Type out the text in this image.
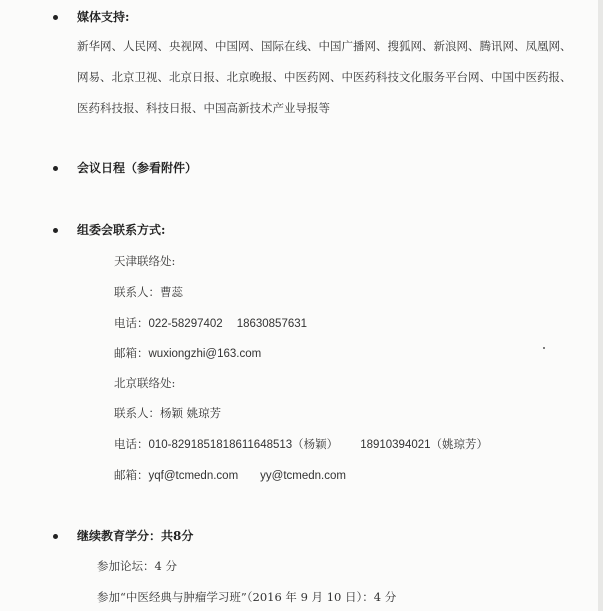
媒体支持:
新华网、人民网、央视网、中国网、国际在线、中国广播网、搜狐网、新浪网、腾讯网、凤凰网、
网易、北京卫视、北京日报、北京晚报、中医药网、中医药科技文化服务平台网、中国中医药报、
医药科技报、科技日报、中国高新技术产业导报等
会议日程（参看附件）
组委会联系方式:
天津联络处:
联系人：曹蕊
电话：022-58297402 18630857631
邮箱：wuxiongzhi@163.com
北京联络处:
联系人：杨颖 姚琼芳
电话：010-8291851818611648513（杨颖） 18910394021（姚琼芳）
邮箱：yqf@tcmedn.com yy@tcmedn.com
继续教育学分：共8分
参加论坛：4 分
参加“中医经典与肿瘤学习班”（2016 年 9 月 10 日）：4 分
